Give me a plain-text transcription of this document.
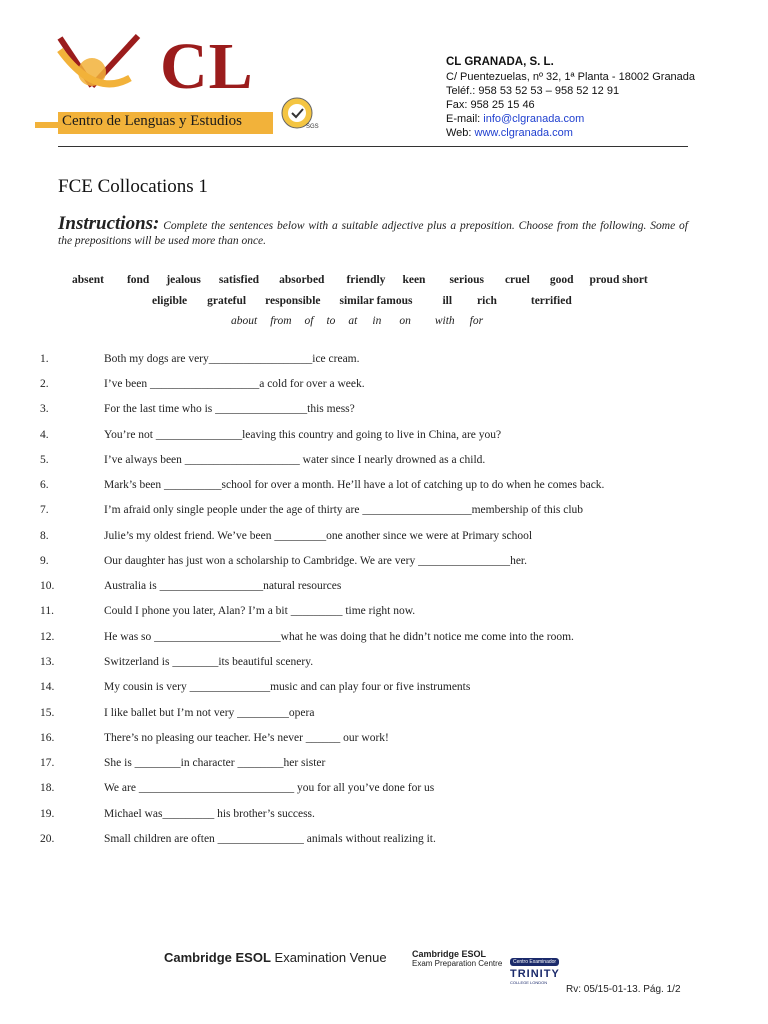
CL
Centro de Lenguas y Estudios	SGS
CL GRANADA, S. L.
C/ Puentezuelas, nº 32, 1ª Planta - 18002 Granada
Teléf.: 958 53 52 53 – 958 52 12 91
Fax: 958 25 15 46
E-mail: info@clgranada.com
Web: www.clgranada.com
FCE Collocations 1
Instructions: Complete the sentences below with a suitable adjective plus a preposition. Choose from the following. Some of the prepositions will be used more than once.
absent fond jealous satisfied absorbed friendly keen serious cruel good proud short
eligible grateful responsible similar famous	ill rich	terrified
about from of to at in on with for
1.	Both my dogs are very__________________ice cream.
2.	I’ve been ___________________a cold for over a week.
3.	For the last time who is ________________this mess?
4.	You’re not _______________leaving this country and going to live in China, are you?
5.	I’ve always been ____________________ water since I nearly drowned as a child.
6.	Mark’s been __________school for over a month. He’ll have a lot of catching up to do when he comes back.
7.	I’m afraid only single people under the age of thirty are ___________________membership of this club
8.	Julie’s my oldest friend. We’ve been _________one another since we were at Primary school
9.	Our daughter has just won a scholarship to Cambridge. We are very ________________her.
10.	Australia is __________________natural resources
11.	Could I phone you later, Alan? I’m a bit _________ time right now.
12.	He was so ______________________what he was doing that he didn’t notice me come into the room.
13.	Switzerland is ________its beautiful scenery.
14.	My cousin is very ______________music and can play four or five instruments
15.	I like ballet but I’m not very _________opera
16.	There’s no pleasing our teacher. He’s never ______ our work!
17.	She is ________in character ________her sister
18.	We are ___________________________ you for all you’ve done for us
19.	Michael was_________ his brother’s success.
20.	Small children are often _______________ animals without realizing it.
Cambridge ESOL Examination Venue	Cambridge ESOL
Exam Preparation Centre	Centro Examinador
TRINITY
COLLEGE LONDON
Rv: 05/15-01-13. Pág. 1/2
